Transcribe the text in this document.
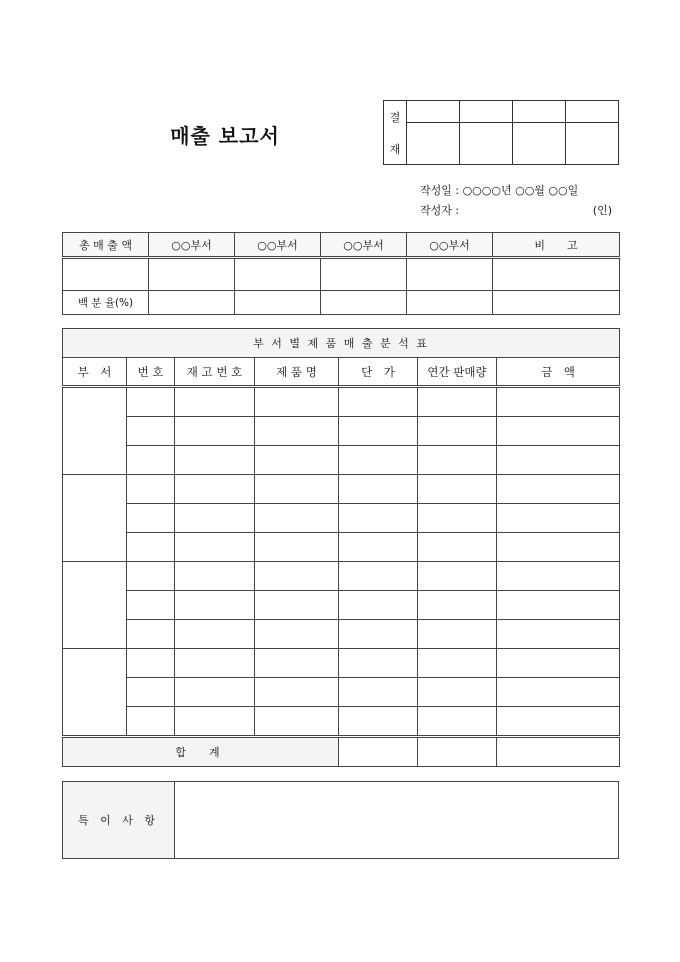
매출 보고서
결
재				

작성일 : ○○○○년 ○○월 ○○일
작성자 :	(인)
총 매 출 액	○○부서	○○부서	○○부서	○○부서	비　　고

백 분 율(%)					
부 서 별 제 품 매 출 분 석 표						
부　서	번 호	재 고 번 호	제 품 명	단　가	연간 판매량	금　액

합　계						
특 이 사 항	
